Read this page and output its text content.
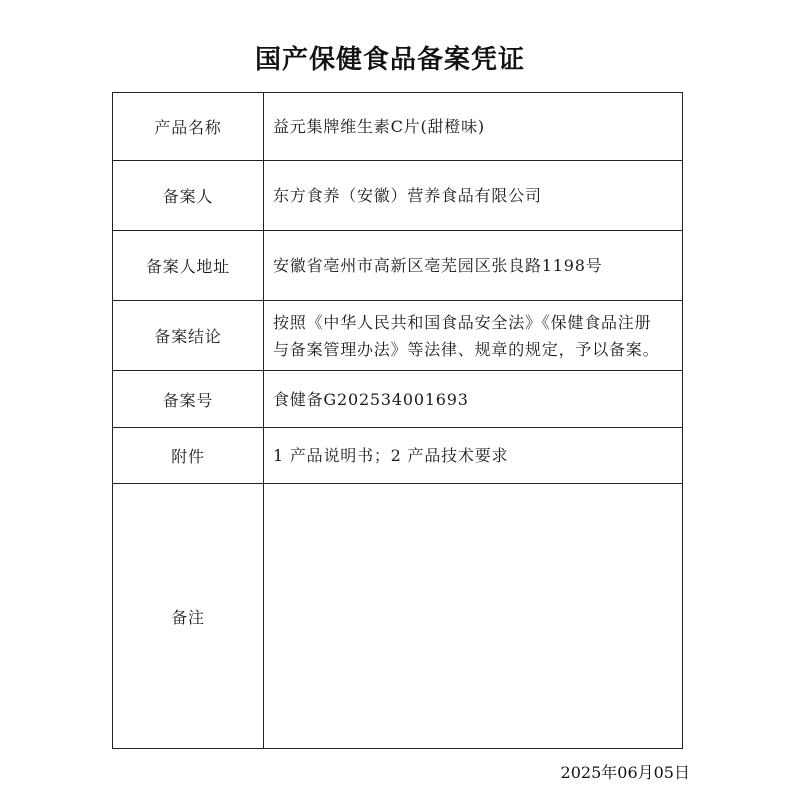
国产保健食品备案凭证
产品名称	益元集牌维生素C片(甜橙味)

备案人	东方食养（安徽）营养食品有限公司

备案人地址	安徽省亳州市高新区亳芜园区张良路1198号

备案结论	按照《中华人民共和国食品安全法》《保健食品注册
与备案管理办法》等法律、规章的规定，予以备案。

备案号	食健备G202534001693

附件	1 产品说明书；2 产品技术要求

备注	
2025年06月05日
